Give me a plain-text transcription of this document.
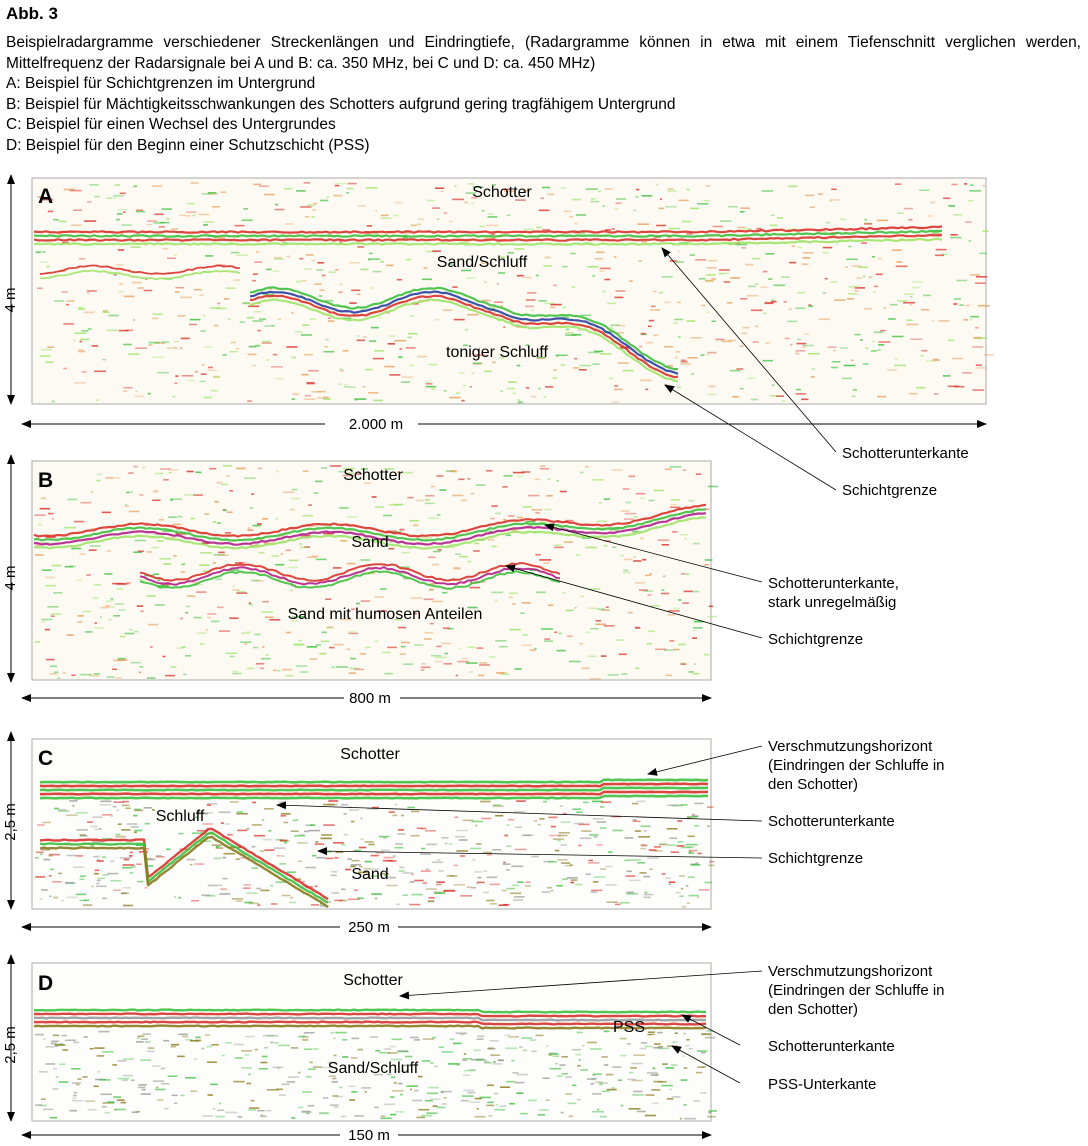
Abb. 3
Beispielradargramme verschiedener Streckenlängen und Eindringtiefe, (Radargramme können in etwa mit einem Tiefenschnitt verglichen werden, Mittelfrequenz der Radarsignale bei A und B: ca. 350 MHz, bei C und D: ca. 450 MHz)
A: Beispiel für Schichtgrenzen im Untergrund
B: Beispiel für Mächtigkeitsschwankungen des Schotters aufgrund gering tragfähigem Untergrund
C: Beispiel für einen Wechsel des Untergrundes
D: Beispiel für den Beginn einer Schutzschicht (PSS)
A	Schotter
Sand/Schluff
toniger Schluff
4 m
2.000 m
Schotterunterkante
Schichtgrenze
B	Schotter
Sand
Sand mit humosen Anteilen
4 m
800 m
Schotterunterkante,
stark unregelmäßig
Schichtgrenze
C	Schotter
Schluff
Sand
2,5 m
250 m
Verschmutzungshorizont
(Eindringen der Schluffe in
den Schotter)
Schotterunterkante
Schichtgrenze
D	Schotter
PSS
Sand/Schluff
2,5 m
150 m
Verschmutzungshorizont
(Eindringen der Schluffe in
den Schotter)
Schotterunterkante
PSS-Unterkante
